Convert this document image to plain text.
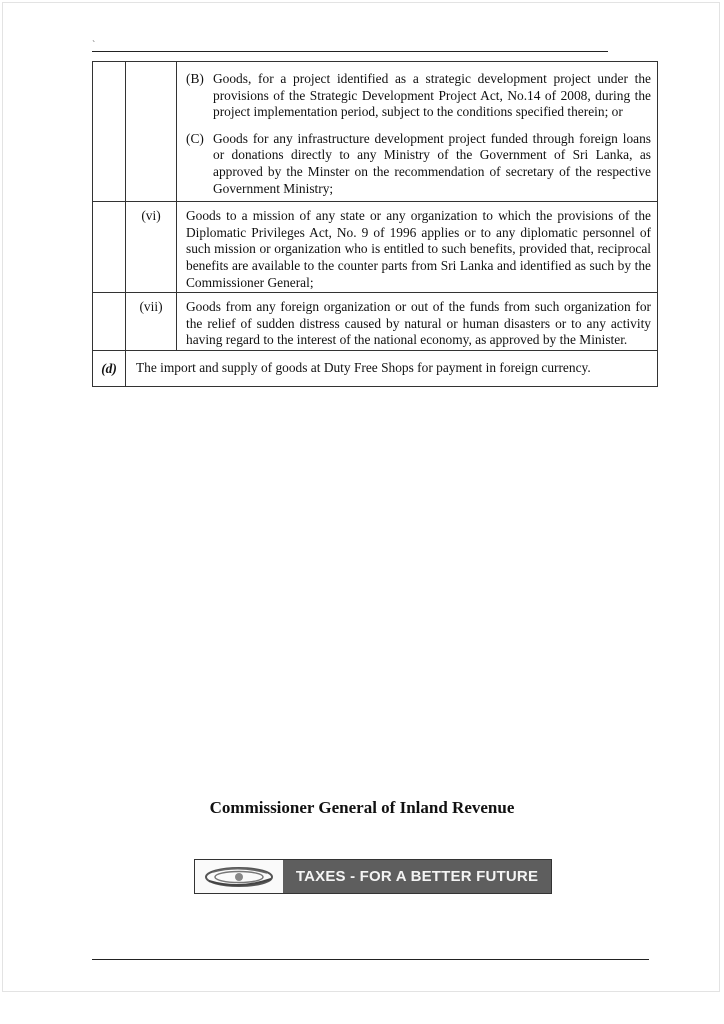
`

		(B) Goods, for a project identified as a strategic development project under the provisions of the Strategic Development Project Act, No.14 of 2008, during the project implementation period, subject to the conditions specified therein; or
(C) Goods for any infrastructure development project funded through foreign loans or donations directly to any Ministry of the Government of Sri Lanka, as approved by the Minster on the recommendation of secretary of the respective Government Ministry;

	(vi)	Goods to a mission of any state or any organization to which the provisions of the Diplomatic Privileges Act, No. 9 of 1996 applies or to any diplomatic personnel of such mission or organization who is entitled to such benefits, provided that, reciprocal benefits are available to the counter parts from Sri Lanka and identified as such by the Commissioner General;
	(vii)	Goods from any foreign organization or out of the funds from such organization for the relief of sudden distress caused by natural or human disasters or to any activity having regard to the interest of the national economy, as approved by the Minister.
(d)	The import and supply of goods at Duty Free Shops for payment in foreign currency.	
Commissioner General of Inland Revenue
TAXES - FOR A BETTER FUTURE
